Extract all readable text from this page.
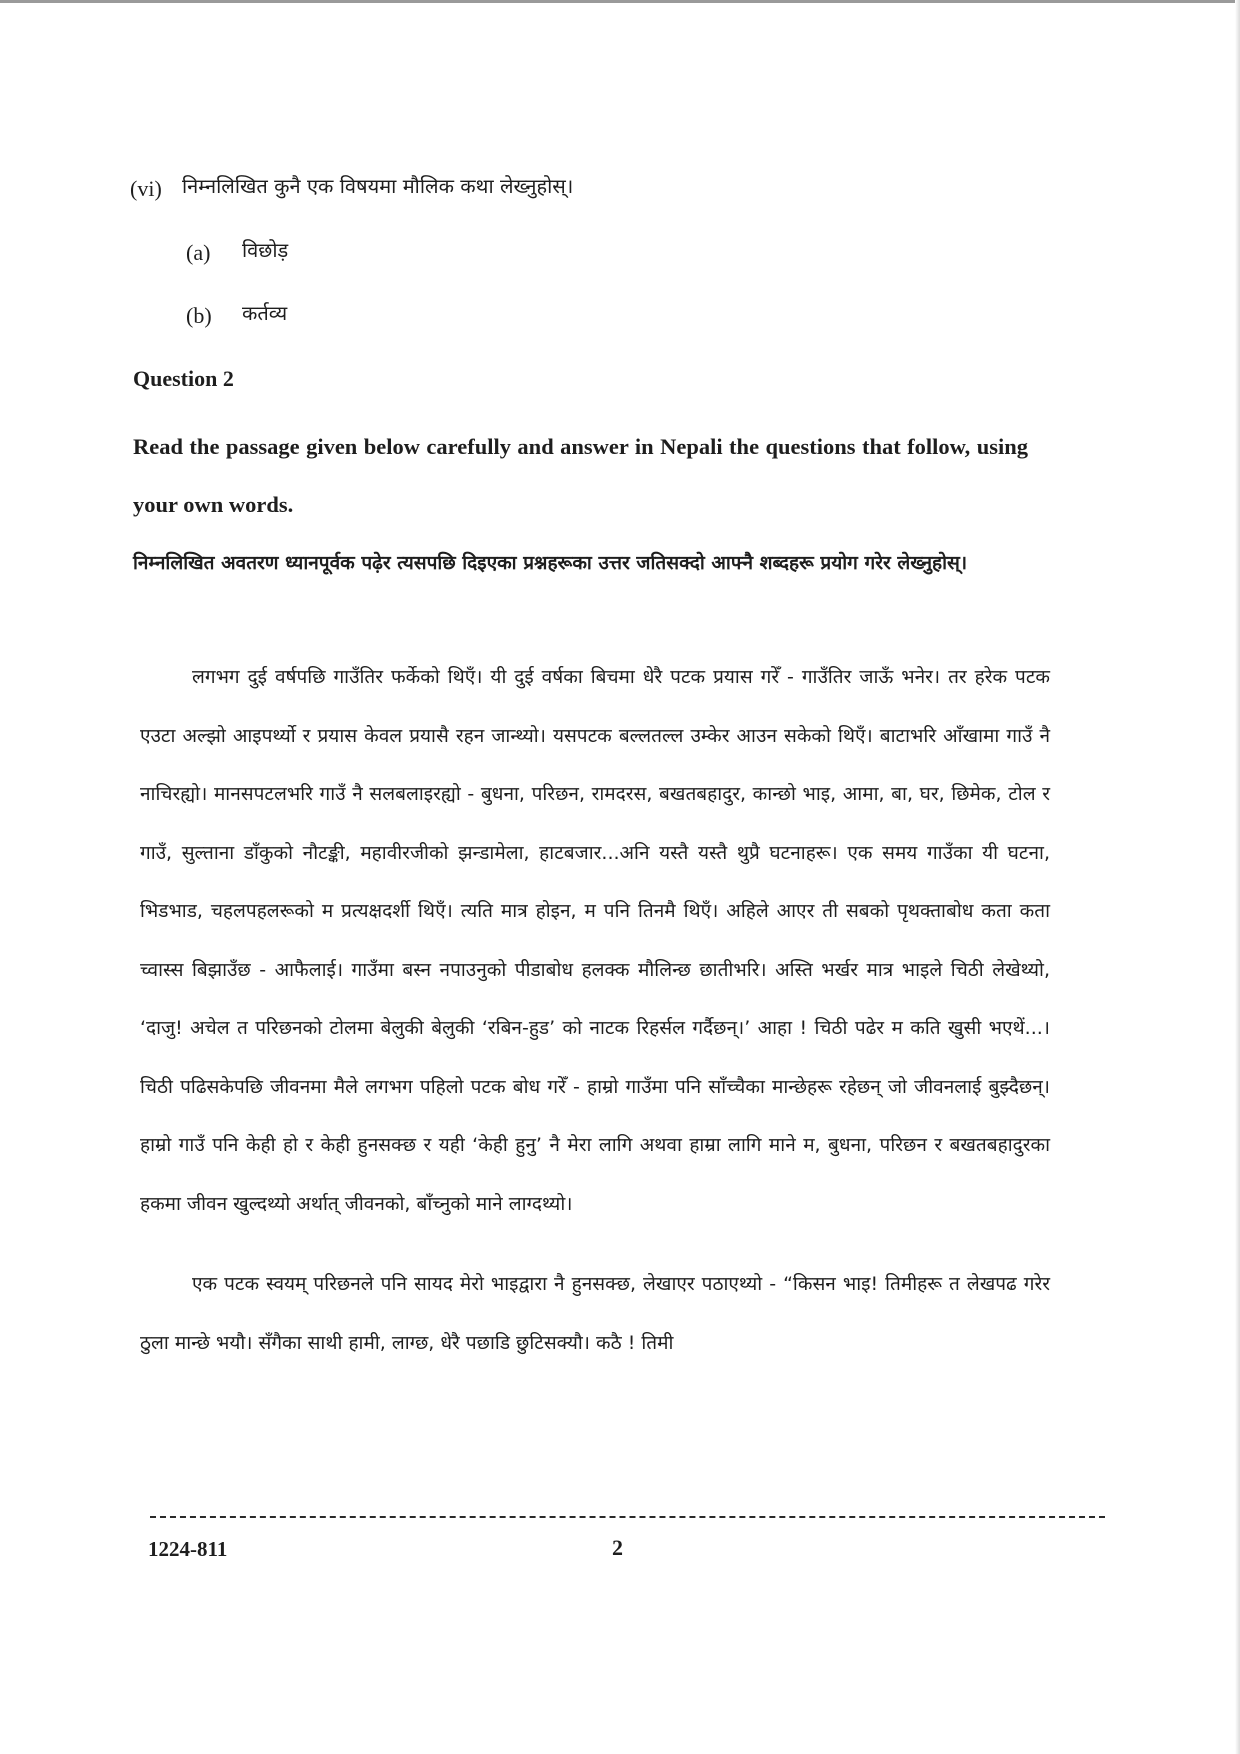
(vi) निम्नलिखित कुनै एक विषयमा मौलिक कथा लेख्नुहोस्।
(a) विछोड़
(b) कर्तव्य
Question 2
Read the passage given below carefully and answer in Nepali the questions that follow, using your own words.
निम्नलिखित अवतरण ध्यानपूर्वक पढ़ेर त्यसपछि दिइएका प्रश्नहरूका उत्तर जतिसक्दो आफ्नै शब्दहरू प्रयोग गरेर लेख्नुहोस्।

लगभग दुई वर्षपछि गाउँतिर फर्केको थिएँ। यी दुई वर्षका बिचमा धेरै पटक प्रयास गरेँ - गाउँतिर जाऊँ भनेर। तर हरेक पटक एउटा अल्झो आइपर्थ्यो र प्रयास केवल प्रयासै रहन जान्थ्यो। यसपटक बल्लतल्ल उम्केर आउन सकेको थिएँ। बाटाभरि आँखामा गाउँ नै नाचिरह्यो। मानसपटलभरि गाउँ नै सलबलाइरह्यो - बुधना, परिछन, रामदरस, बखतबहादुर, कान्छो भाइ, आमा, बा, घर, छिमेक, टोल र गाउँ, सुल्ताना डाँकुको नौटङ्की, महावीरजीको झन्डामेला, हाटबजार...अनि यस्तै यस्तै थुप्रै घटनाहरू। एक समय गाउँका यी घटना, भिडभाड, चहलपहलरूको म प्रत्यक्षदर्शी थिएँ। त्यति मात्र होइन, म पनि तिनमै थिएँ। अहिले आएर ती सबको पृथक्ताबोध कता कता च्वास्स बिझाउँछ - आफैलाई। गाउँमा बस्न नपाउनुको पीडाबोध हलक्क मौलिन्छ छातीभरि। अस्ति भर्खर मात्र भाइले चिठी लेखेथ्यो, ‘दाजु! अचेल त परिछनको टोलमा बेलुकी बेलुकी ‘रबिन-हुड’ को नाटक रिहर्सल गर्दैछन्।’ आहा ! चिठी पढेर म कति खुसी भएथें...। चिठी पढिसकेपछि जीवनमा मैले लगभग पहिलो पटक बोध गरेँ - हाम्रो गाउँमा पनि साँच्चैका मान्छेहरू रहेछन् जो जीवनलाई बुझ्दैछन्। हाम्रो गाउँ पनि केही हो र केही हुनसक्छ र यही ‘केही हुनु’ नै मेरा लागि अथवा हाम्रा लागि माने म, बुधना, परिछन र बखतबहादुरका हकमा जीवन खुल्दथ्यो अर्थात् जीवनको, बाँच्नुको माने लाग्दथ्यो।

एक पटक स्वयम् परिछनले पनि सायद मेरो भाइद्वारा नै हुनसक्छ, लेखाएर पठाएथ्यो - “किसन भाइ! तिमीहरू त लेखपढ गरेर ठुला मान्छे भयौ। सँगैका साथी हामी, लाग्छ, धेरै पछाडि छुटिसक्यौ। कठै ! तिमी

1224-811	2
